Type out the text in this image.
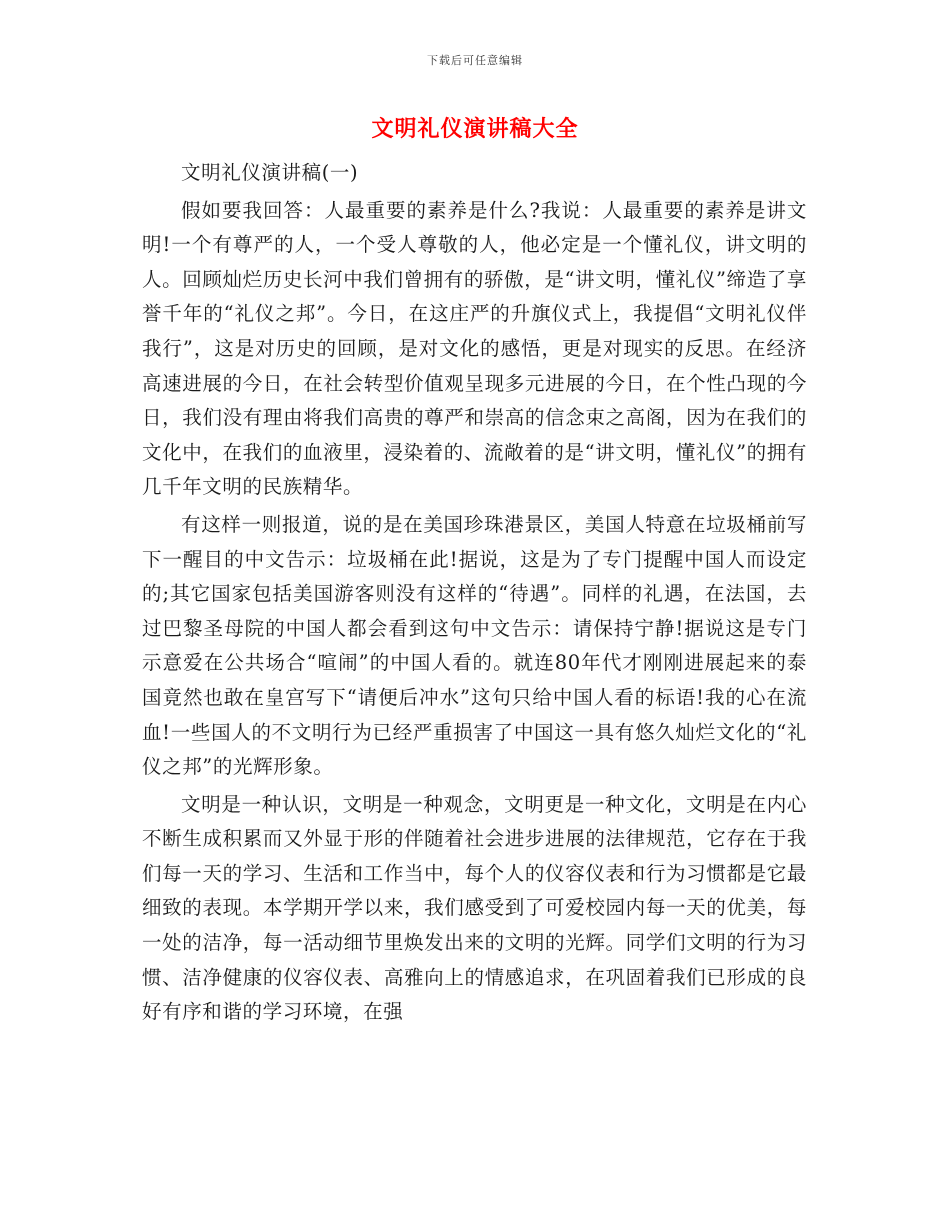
下载后可任意编辑
文明礼仪演讲稿大全
文明礼仪演讲稿(一)

假如要我回答：人最重要的素养是什么?我说：人最重要的素养是讲文明!一个有尊严的人，一个受人尊敬的人，他必定是一个懂礼仪，讲文明的人。回顾灿烂历史长河中我们曾拥有的骄傲，是“讲文明，懂礼仪”缔造了享誉千年的“礼仪之邦”。今日，在这庄严的升旗仪式上，我提倡“文明礼仪伴我行”，这是对历史的回顾，是对文化的感悟，更是对现实的反思。在经济高速进展的今日，在社会转型价值观呈现多元进展的今日，在个性凸现的今日，我们没有理由将我们高贵的尊严和崇高的信念束之高阁，因为在我们的文化中，在我们的血液里，浸染着的、流敞着的是“讲文明，懂礼仪”的拥有几千年文明的民族精华。

有这样一则报道，说的是在美国珍珠港景区，美国人特意在垃圾桶前写下一醒目的中文告示：垃圾桶在此!据说，这是为了专门提醒中国人而设定的;其它国家包括美国游客则没有这样的“待遇”。同样的礼遇，在法国，去过巴黎圣母院的中国人都会看到这句中文告示：请保持宁静!据说这是专门示意爱在公共场合“喧闹”的中国人看的。就连80年代才刚刚进展起来的泰国竟然也敢在皇宫写下“请便后冲水”这句只给中国人看的标语!我的心在流血!一些国人的不文明行为已经严重损害了中国这一具有悠久灿烂文化的“礼仪之邦”的光辉形象。

文明是一种认识，文明是一种观念，文明更是一种文化，文明是在内心不断生成积累而又外显于形的伴随着社会进步进展的法律规范，它存在于我们每一天的学习、生活和工作当中，每个人的仪容仪表和行为习惯都是它最细致的表现。本学期开学以来，我们感受到了可爱校园内每一天的优美，每一处的洁净，每一活动细节里焕发出来的文明的光辉。同学们文明的行为习惯、洁净健康的仪容仪表、高雅向上的情感追求，在巩固着我们已形成的良好有序和谐的学习环境，在强
